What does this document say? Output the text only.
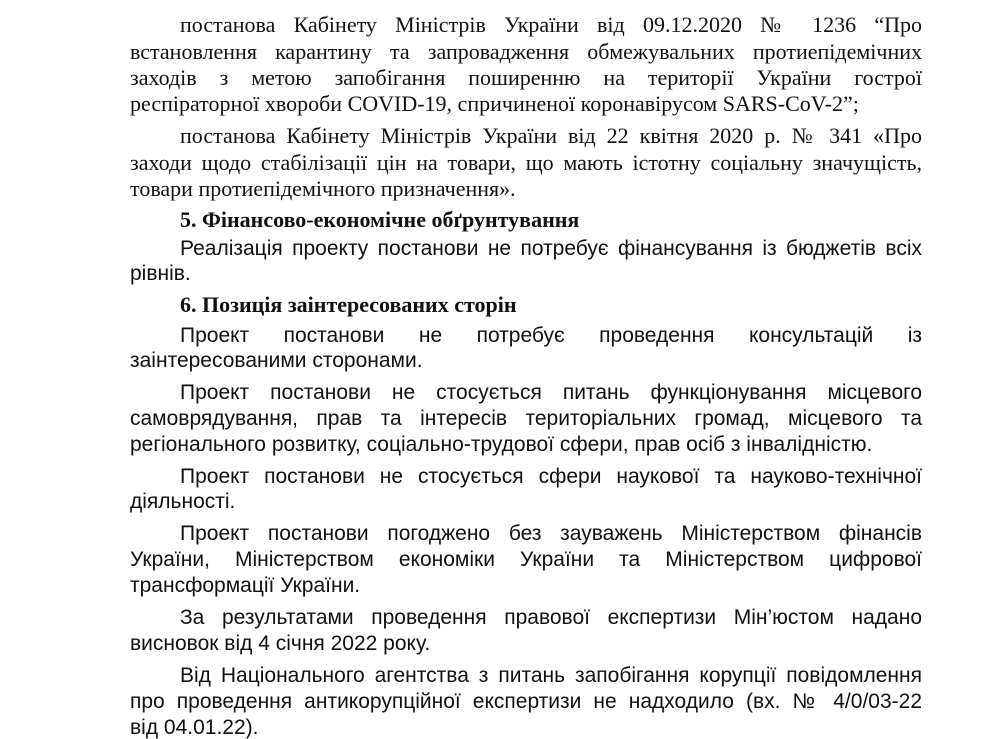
постанова Кабінету Міністрів України від 09.12.2020 № 1236 “Про
встановлення карантину та запровадження обмежувальних протиепідемічних
заходів з метою запобігання поширенню на території України гострої
респіраторної хвороби COVID-19, спричиненої коронавірусом SARS-CoV-2”;
постанова Кабінету Міністрів України від 22 квітня 2020 р. № 341 «Про
заходи щодо стабілізації цін на товари, що мають істотну соціальну значущість,
товари протиепідемічного призначення».
5. Фінансово-економічне обґрунтування
Реалізація проекту постанови не потребує фінансування із бюджетів всіх
рівнів.
6. Позиція заінтересованих сторін
Проект постанови не потребує проведення консультацій із
заінтересованими сторонами.
Проект постанови не стосується питань функціонування місцевого
самоврядування, прав та інтересів територіальних громад, місцевого та
регіонального розвитку, соціально-трудової сфери, прав осіб з інвалідністю.
Проект постанови не стосується сфери наукової та науково-технічної
діяльності.
Проект постанови погоджено без зауважень Міністерством фінансів
України, Міністерством економіки України та Міністерством цифрової
трансформації України.
За результатами проведення правової експертизи Мін’юстом надано
висновок від 4 січня 2022 року.
Від Національного агентства з питань запобігання корупції повідомлення
про проведення антикорупційної експертизи не надходило (вх. № 4/0/03-22
від 04.01.22).
